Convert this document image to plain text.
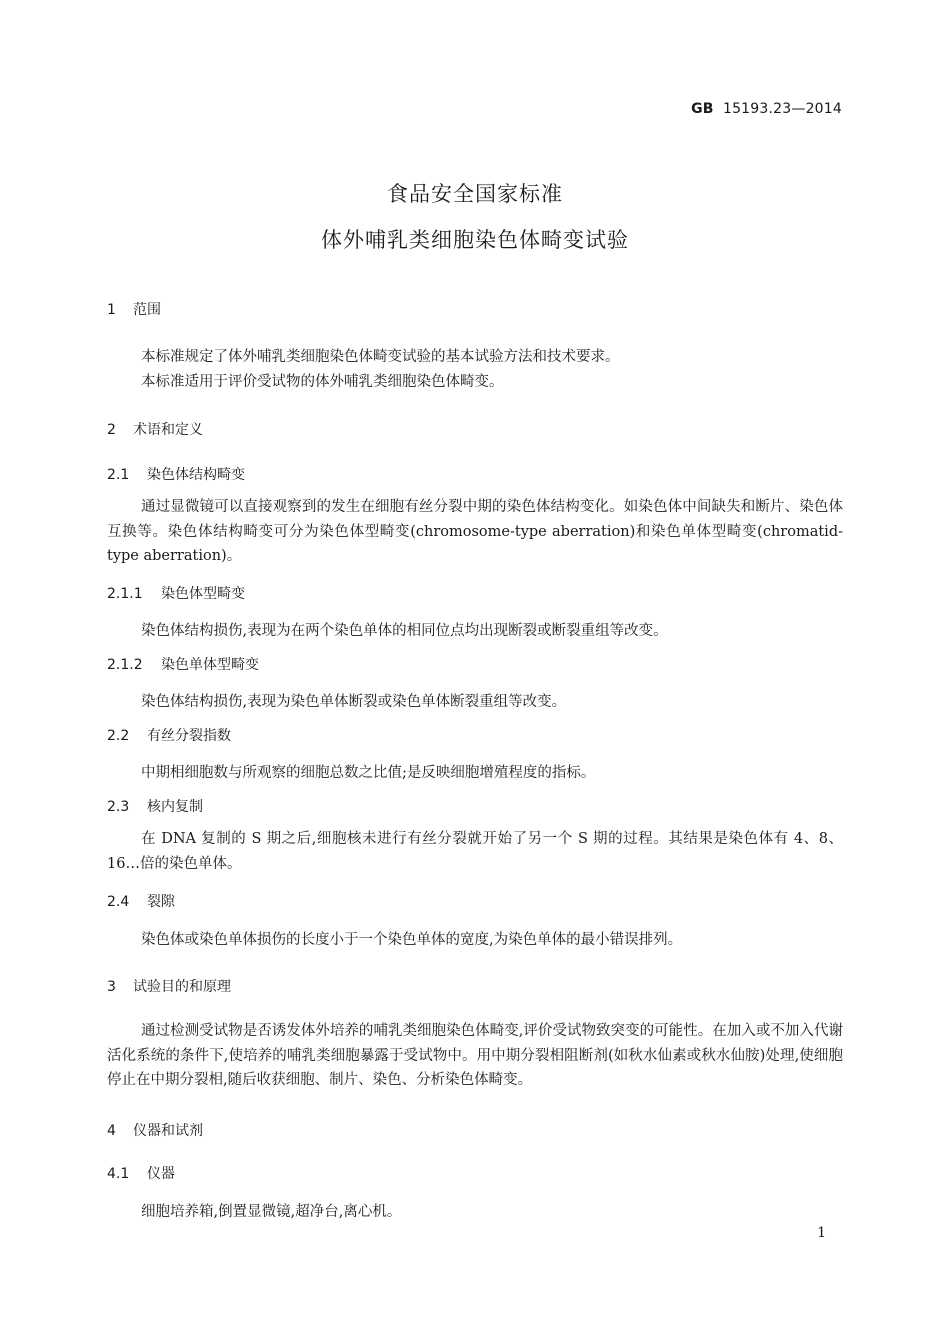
GB 15193.23—2014
食品安全国家标准
体外哺乳类细胞染色体畸变试验
1 范围
本标准规定了体外哺乳类细胞染色体畸变试验的基本试验方法和技术要求。
本标准适用于评价受试物的体外哺乳类细胞染色体畸变。
2 术语和定义
2.1 染色体结构畸变
通过显微镜可以直接观察到的发生在细胞有丝分裂中期的染色体结构变化。如染色体中间缺失和断片、染色体互换等。染色体结构畸变可分为染色体型畸变(chromosome-type aberration)和染色单体型畸变(chromatid-type aberration)。
2.1.1 染色体型畸变
染色体结构损伤,表现为在两个染色单体的相同位点均出现断裂或断裂重组等改变。
2.1.2 染色单体型畸变
染色体结构损伤,表现为染色单体断裂或染色单体断裂重组等改变。
2.2 有丝分裂指数
中期相细胞数与所观察的细胞总数之比值;是反映细胞增殖程度的指标。
2.3 核内复制
在 DNA 复制的 S 期之后,细胞核未进行有丝分裂就开始了另一个 S 期的过程。其结果是染色体有 4、8、16…倍的染色单体。
2.4 裂隙
染色体或染色单体损伤的长度小于一个染色单体的宽度,为染色单体的最小错误排列。
3 试验目的和原理
通过检测受试物是否诱发体外培养的哺乳类细胞染色体畸变,评价受试物致突变的可能性。在加入或不加入代谢活化系统的条件下,使培养的哺乳类细胞暴露于受试物中。用中期分裂相阻断剂(如秋水仙素或秋水仙胺)处理,使细胞停止在中期分裂相,随后收获细胞、制片、染色、分析染色体畸变。
4 仪器和试剂
4.1 仪器
细胞培养箱,倒置显微镜,超净台,离心机。
1
